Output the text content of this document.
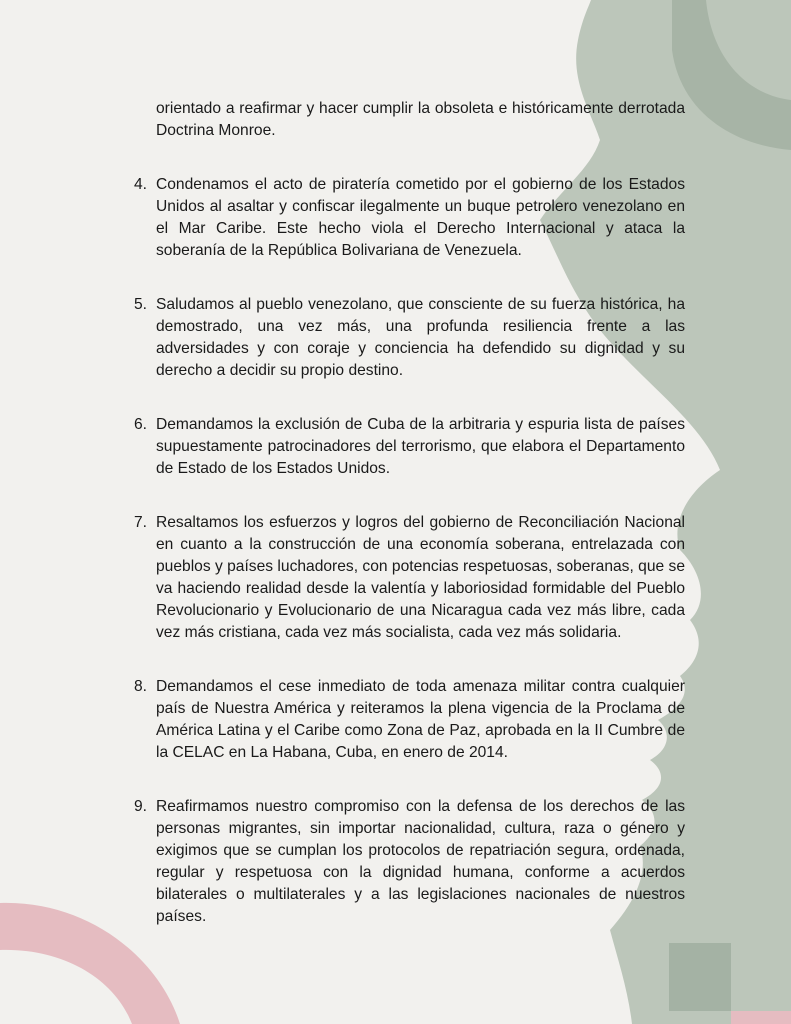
orientado a reafirmar y hacer cumplir la obsoleta e históricamente derrotada Doctrina Monroe.

4. Condenamos el acto de piratería cometido por el gobierno de los Estados Unidos al asaltar y confiscar ilegalmente un buque petrolero venezolano en el Mar Caribe. Este hecho viola el Derecho Internacional y ataca la soberanía de la República Bolivariana de Venezuela.

5. Saludamos al pueblo venezolano, que consciente de su fuerza histórica, ha demostrado, una vez más, una profunda resiliencia frente a las adversidades y con coraje y conciencia ha defendido su dignidad y su derecho a decidir su propio destino.

6. Demandamos la exclusión de Cuba de la arbitraria y espuria lista de países supuestamente patrocinadores del terrorismo, que elabora el Departamento de Estado de los Estados Unidos.

7. Resaltamos los esfuerzos y logros del gobierno de Reconciliación Nacional en cuanto a la construcción de una economía soberana, entrelazada con pueblos y países luchadores, con potencias respetuosas, soberanas, que se va haciendo realidad desde la valentía y laboriosidad formidable del Pueblo Revolucionario y Evolucionario de una Nicaragua cada vez más libre, cada vez más cristiana, cada vez más socialista, cada vez más solidaria.

8. Demandamos el cese inmediato de toda amenaza militar contra cualquier país de Nuestra América y reiteramos la plena vigencia de la Proclama de América Latina y el Caribe como Zona de Paz, aprobada en la II Cumbre de la CELAC en La Habana, Cuba, en enero de 2014.

9. Reafirmamos nuestro compromiso con la defensa de los derechos de las personas migrantes, sin importar nacionalidad, cultura, raza o género y exigimos que se cumplan los protocolos de repatriación segura, ordenada, regular y respetuosa con la dignidad humana, conforme a acuerdos bilaterales o multilaterales y a las legislaciones nacionales de nuestros países.
